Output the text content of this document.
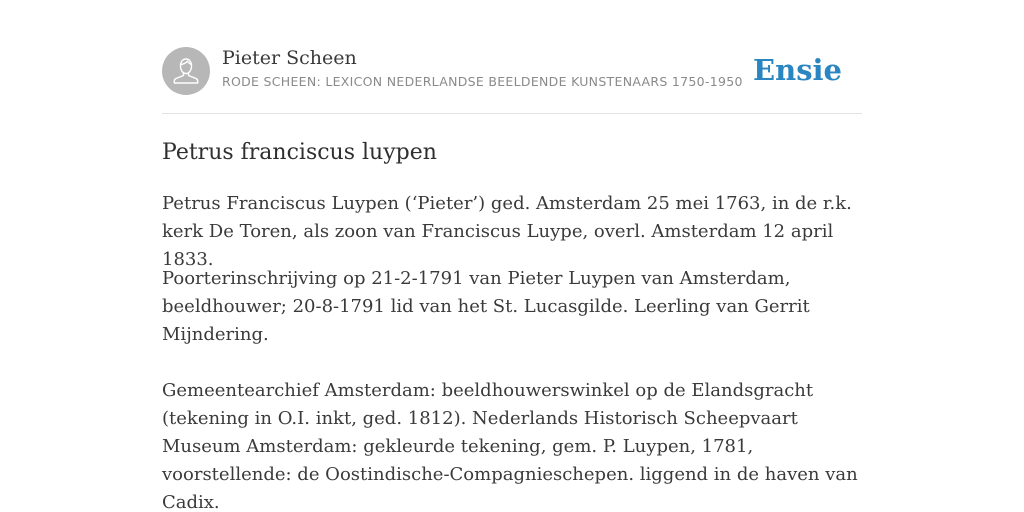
Pieter Scheen
RODE SCHEEN: LEXICON NEDERLANDSE BEELDENDE KUNSTENAARS 1750-1950 Ensie
Petrus franciscus luypen

Petrus Franciscus Luypen (‘Pieter’) ged. Amsterdam 25 mei 1763, in de r.k. kerk De Toren, als zoon van Franciscus Luype, overl. Amsterdam 12 april 1833.

Poorterinschrijving op 21-2-1791 van Pieter Luypen van Amsterdam, beeldhouwer; 20-8-1791 lid van het St. Lucasgilde. Leerling van Gerrit Mijndering.

Gemeentearchief Amsterdam: beeldhouwerswinkel op de Elandsgracht (tekening in O.I. inkt, ged. 1812). Nederlands Historisch Scheepvaart Museum Amsterdam: gekleurde tekening, gem. P. Luypen, 1781, voorstellende: de Oostindische-Compagnieschepen. liggend in de haven van Cadix.
